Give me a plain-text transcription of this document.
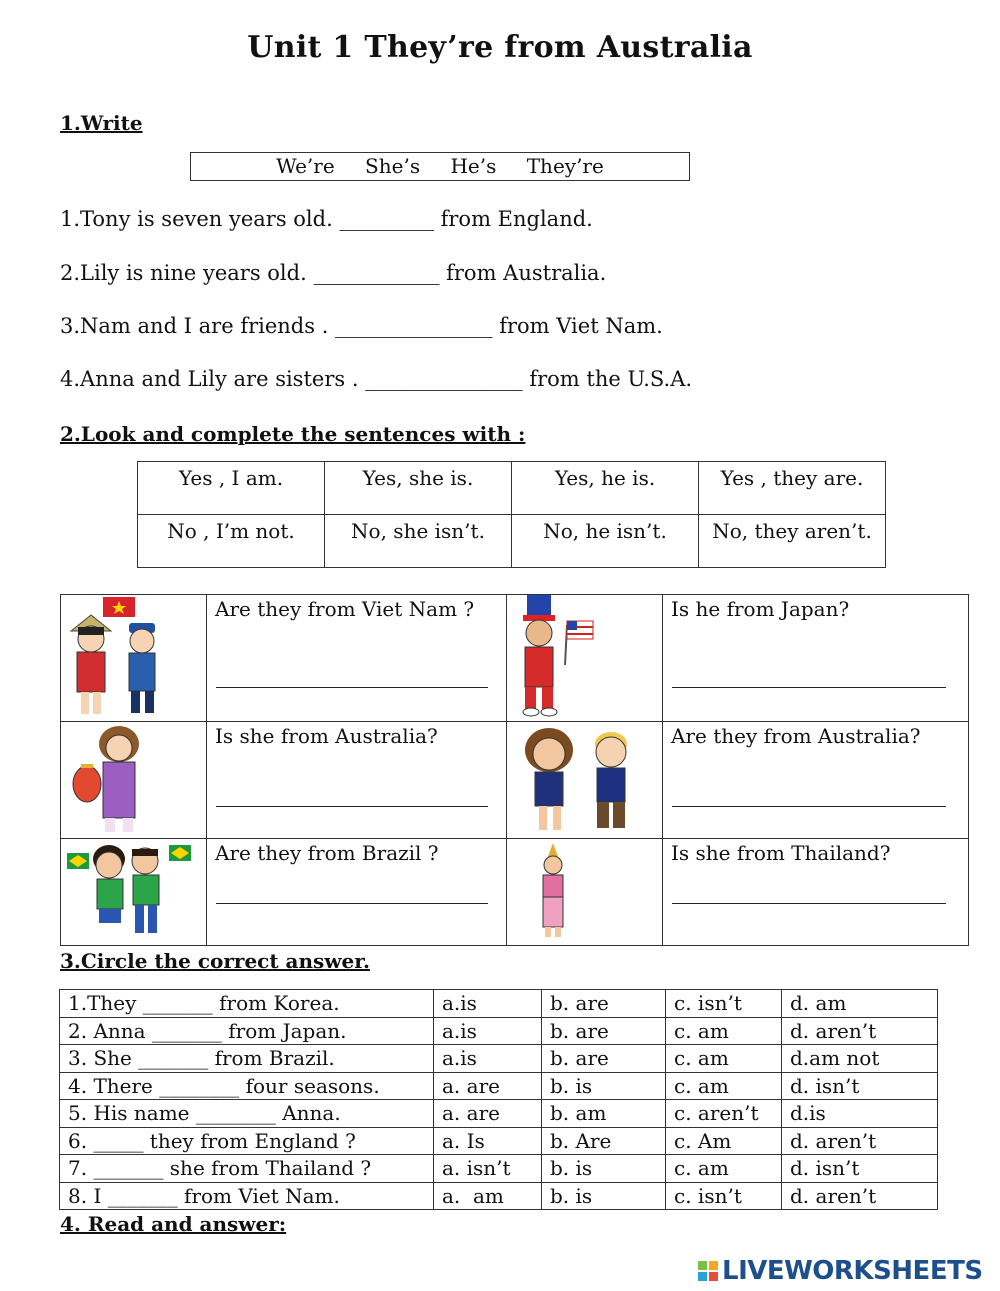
Unit 1 They’re from Australia
1.Write
We’re She’s He’s They’re
1.Tony is seven years old. _________ from England.
2.Lily is nine years old. ____________ from Australia.
3.Nam and I are friends . _______________ from Viet Nam.
4.Anna and Lily are sisters . _______________ from the U.S.A.
2.Look and complete the sentences with :
Yes , I am.	Yes, she is.	Yes, he is.	Yes , they are.
No , I’m not.	No, she isn’t.	No, he isn’t.	No, they aren’t.

Are they from Viet Nam ?		Is he from Japan?

Is she from Australia?		Are they from Australia?

Are they from Brazil ?		Is she from Thailand?
3.Circle the correct answer.
1.They _______ from Korea.	a.is	b. are	c. isn’t	d. am
2. Anna _______ from Japan.	a.is	b. are	c. am	d. aren’t
3. She _______ from Brazil.	a.is	b. are	c. am	d.am not
4. There ________ four seasons.	a. are	b. is	c. am	d. isn’t
5. His name ________ Anna.	a. are	b. am	c. aren’t	d.is
6. _____ they from England ?	a. Is	b. Are	c. Am	d. aren’t
7. _______ she from Thailand ?	a. isn’t	b. is	c. am	d. isn’t
8. I _______ from Viet Nam.	a.  am	b. is	c. isn’t	d. aren’t
4. Read and answer:
LIVEWORKSHEETS
